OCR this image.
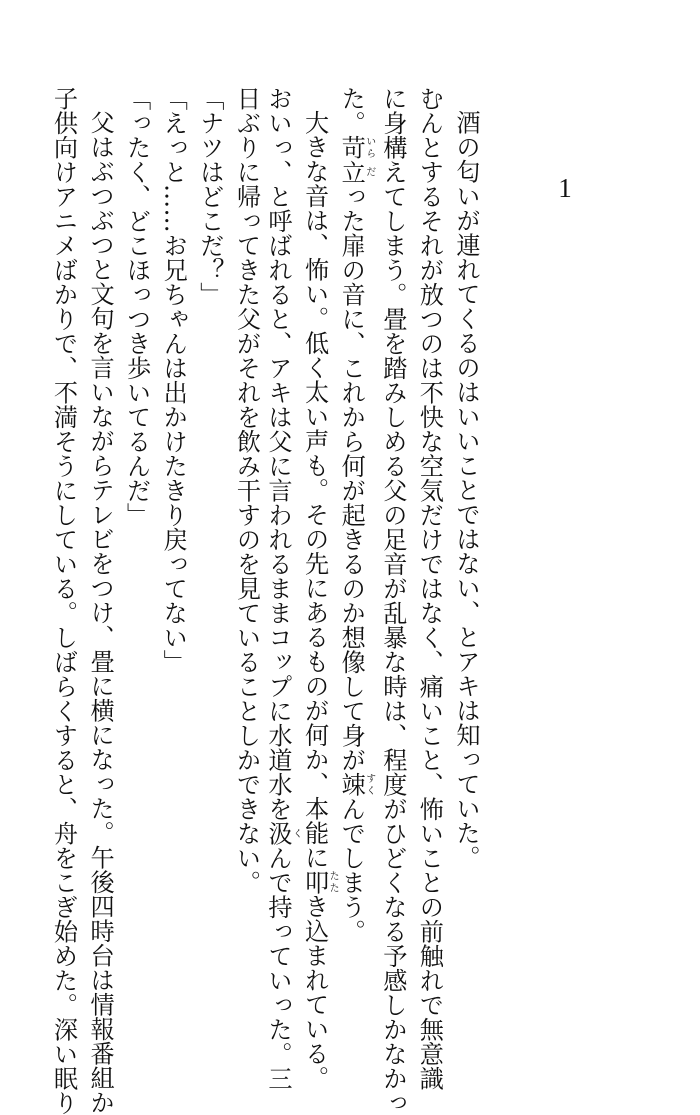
1
酒の匂いが連れてくるのはいいことではない、とアキは知っていた。
むんとするそれが放つのは不快な空気だけではなく、痛いこと、怖いことの前触れで無意識
に身構えてしまう。畳を踏みしめる父の足音が乱暴な時は、程度がひどくなる予感しかなかっ
た。苛いら立だった扉の音に、これから何が起きるのか想像して身が竦すくんでしまう。
大きな音は、怖い。低く太い声も。その先にあるものが何か、本能に叩たたき込まれている。
おいっ、と呼ばれると、アキは父に言われるままコップに水道水を汲くんで持っていった。三
日ぶりに帰ってきた父がそれを飲み干すのを見ていることしかできない。
「ナツはどこだ？」
「えっと……お兄ちゃんは出かけたきり戻ってない」
「ったく、どこほっつき歩いてるんだ」
父はぶつぶつと文句を言いながらテレビをつけ、畳に横になった。午後四時台は情報番組か
子供向けアニメばかりで、不満そうにしている。しばらくすると、舟をこぎ始めた。深い眠り
